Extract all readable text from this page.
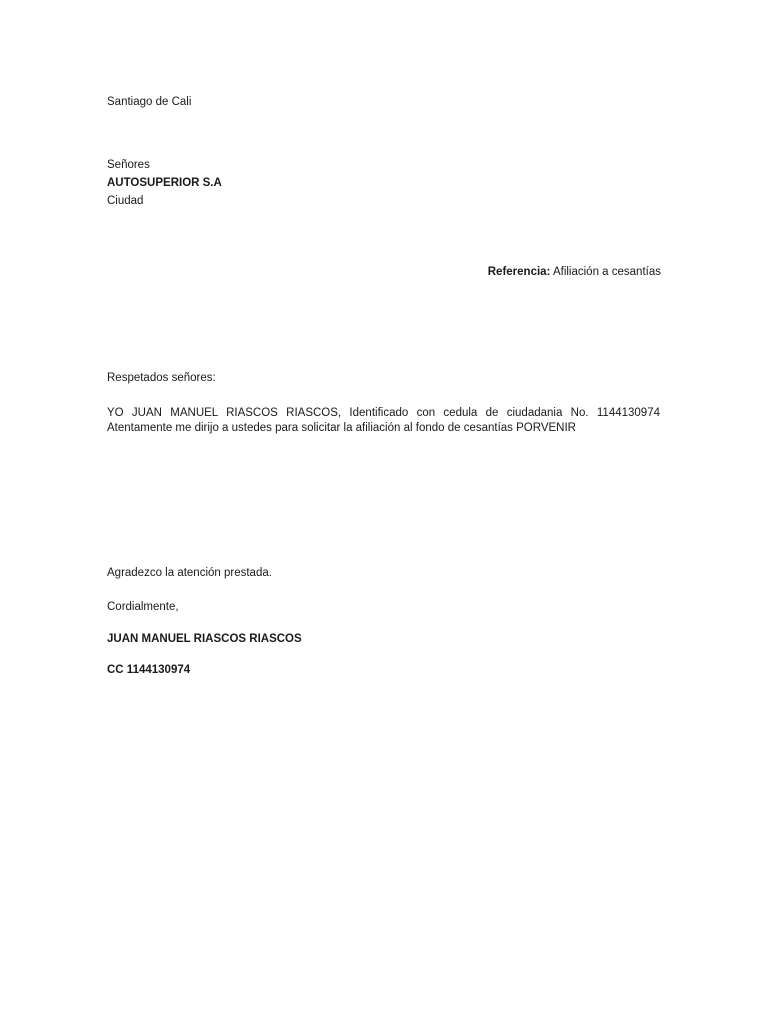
Santiago de Cali
Señores
AUTOSUPERIOR S.A
Ciudad
Referencia: Afiliación a cesantías
Respetados señores:
YO JUAN MANUEL RIASCOS RIASCOS, Identificado con cedula de ciudadania No. 1144130974
Atentamente me dirijo a ustedes para solicitar la afiliación al fondo de cesantías PORVENIR
Agradezco la atención prestada.
Cordialmente,
JUAN MANUEL RIASCOS RIASCOS
CC 1144130974
